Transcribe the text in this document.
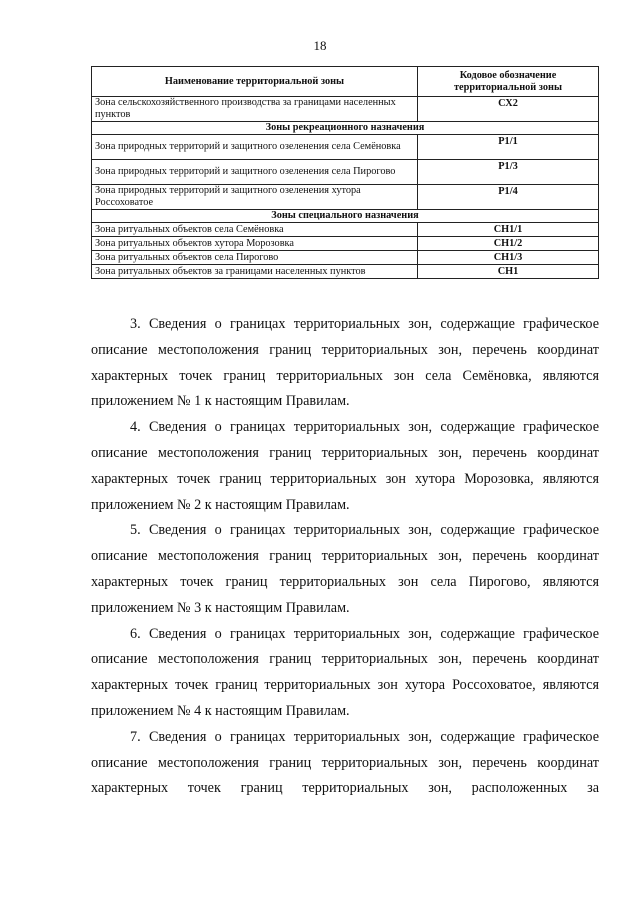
18
Наименование территориальной зоны	Кодовое обозначение территориальной зоны
Зона сельскохозяйственного производства за границами населенных пунктов	СХ2
Зоны рекреационного назначения	
Зона природных территорий и защитного озеленения села Семёновка	Р1/1
Зона природных территорий и защитного озеленения села Пирогово	Р1/3
Зона природных территорий и защитного озеленения хутора Россоховатое	Р1/4
Зоны специального назначения	
Зона ритуальных объектов села Семёновка	СН1/1
Зона ритуальных объектов хутора Морозовка	СН1/2
Зона ритуальных объектов села Пирогово	СН1/3
Зона ритуальных объектов за границами населенных пунктов	СН1

3. Сведения о границах территориальных зон, содержащие графическое описание местоположения границ территориальных зон, перечень координат характерных точек границ территориальных зон села Семёновка, являются приложением № 1 к настоящим Правилам.

4. Сведения о границах территориальных зон, содержащие графическое описание местоположения границ территориальных зон, перечень координат характерных точек границ территориальных зон хутора Морозовка, являются приложением № 2 к настоящим Правилам.

5. Сведения о границах территориальных зон, содержащие графическое описание местоположения границ территориальных зон, перечень координат характерных точек границ территориальных зон села Пирогово, являются приложением № 3 к настоящим Правилам.

6. Сведения о границах территориальных зон, содержащие графическое описание местоположения границ территориальных зон, перечень координат характерных точек границ территориальных зон хутора Россоховатое, являются приложением № 4 к настоящим Правилам.

7. Сведения о границах территориальных зон, содержащие графическое описание местоположения границ территориальных зон, перечень координат характерных точек границ территориальных зон, расположенных за
